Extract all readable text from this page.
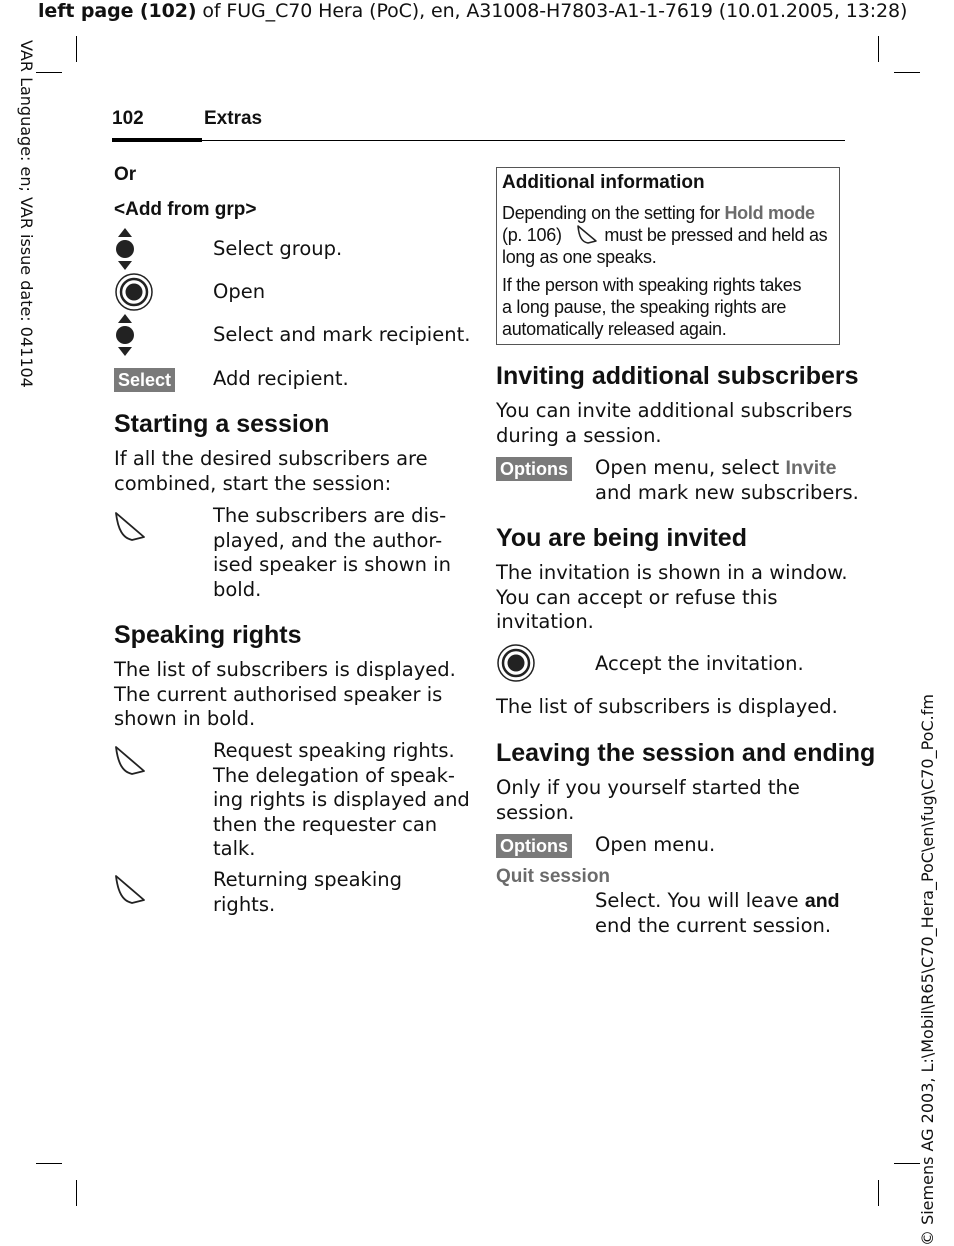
left page (102) of FUG_C70 Hera (PoC), en, A31008-H7803-A1-1-7619 (10.01.2005, 13:28)
VAR Language: en; VAR issue date: 041104
© Siemens AG 2003, L:\Mobil\R65\C70_Hera_PoC\en\fug\C70_PoC.fm
102	Extras
Or
<Add from grp>
Select group.
Open
Select and mark recipient.
Select Add recipient.
Starting a session
If all the desired subscribers are
combined, start the session:
The subscribers are dis-
played, and the author-
ised speaker is shown in
bold.
Speaking rights
The list of subscribers is displayed.
The current authorised speaker is
shown in bold.
Request speaking rights.
The delegation of speak-
ing rights is displayed and
then the requester can
talk.
Returning speaking
rights.
Additional information
Depending on the setting for Hold mode
(p. 106) must be pressed and held as
long as one speaks.
If the person with speaking rights takes
a long pause, the speaking rights are
automatically released again.
Inviting additional subscribers
You can invite additional subscribers
during a session.
Options Open menu, select Invite
and mark new subscribers.
You are being invited
The invitation is shown in a window.
You can accept or refuse this
invitation.
Accept the invitation.
The list of subscribers is displayed.
Leaving the session and ending
Only if you yourself started the
session.
Options Open menu.
Quit session
Select. You will leave and
end the current session.
